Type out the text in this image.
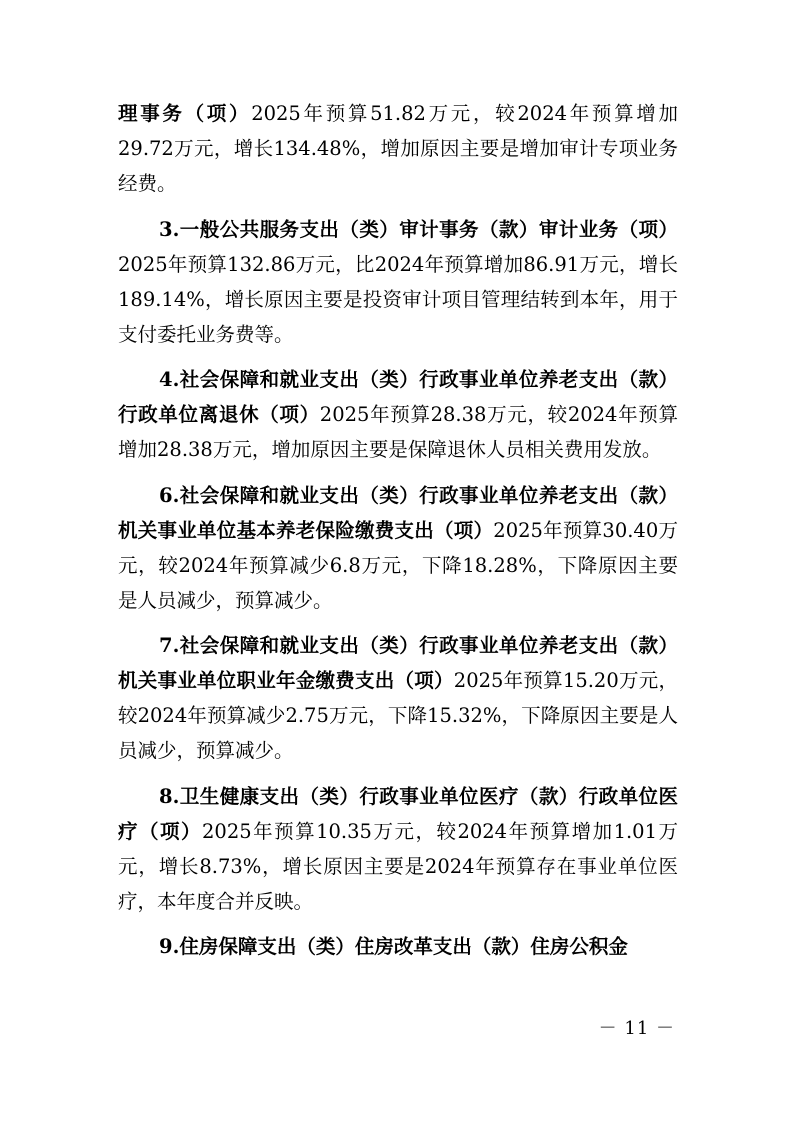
理事务（项）2025年预算51.82万元，较2024年预算增加29.72万元，增长134.48%，增加原因主要是增加审计专项业务经费。

3.一般公共服务支出（类）审计事务（款）审计业务（项）2025年预算132.86万元，比2024年预算增加86.91万元，增长189.14%，增长原因主要是投资审计项目管理结转到本年，用于支付委托业务费等。

4.社会保障和就业支出（类）行政事业单位养老支出（款）行政单位离退休（项）2025年预算28.38万元，较2024年预算增加28.38万元，增加原因主要是保障退休人员相关费用发放。

6.社会保障和就业支出（类）行政事业单位养老支出（款）机关事业单位基本养老保险缴费支出（项）2025年预算30.40万元，较2024年预算减少6.8万元，下降18.28%，下降原因主要是人员减少，预算减少。

7.社会保障和就业支出（类）行政事业单位养老支出（款）机关事业单位职业年金缴费支出（项）2025年预算15.20万元，较2024年预算减少2.75万元，下降15.32%，下降原因主要是人员减少，预算减少。

8.卫生健康支出（类）行政事业单位医疗（款）行政单位医疗（项）2025年预算10.35万元，较2024年预算增加1.01万元，增长8.73%，增长原因主要是2024年预算存在事业单位医疗，本年度合并反映。

9.住房保障支出（类）住房改革支出（款）住房公积金

－ 11 －
